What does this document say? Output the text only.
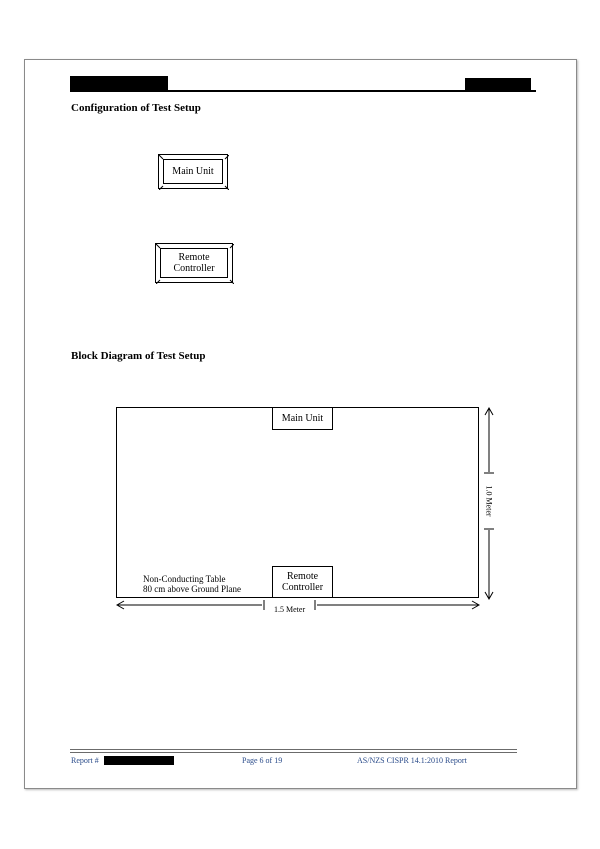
Configuration of Test Setup
Main Unit
Remote
Controller
Block Diagram of Test Setup
Main Unit
Remote
Controller
Non-Conducting Table
80 cm above Ground Plane
1.5 Meter
1.0 Meter
Report #	Page 6 of 19	AS/NZS CISPR 14.1:2010 Report
